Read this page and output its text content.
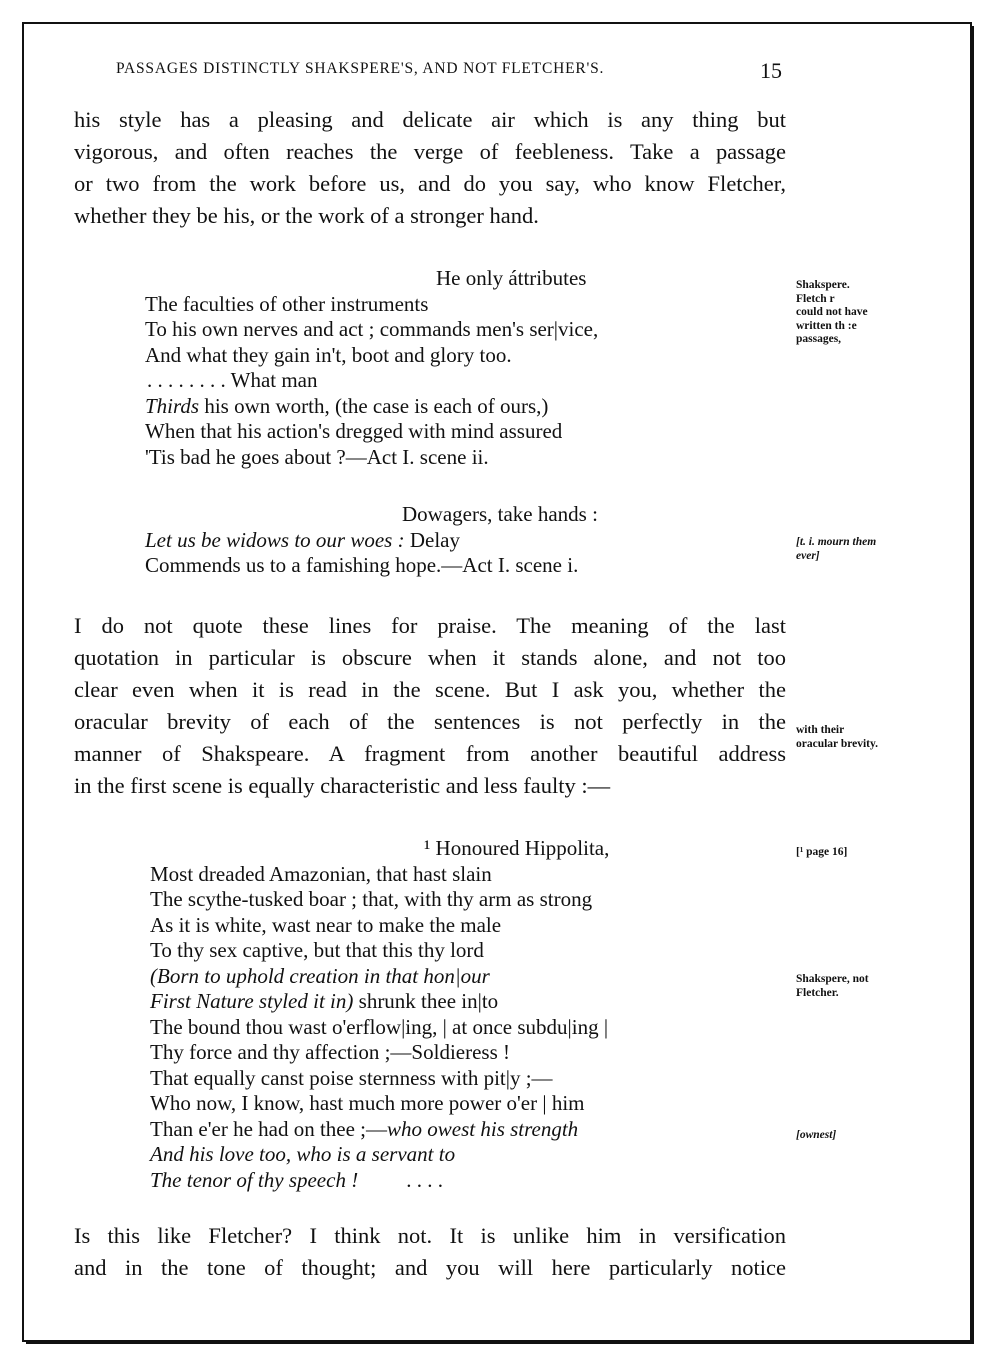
PASSAGES DISTINCTLY SHAKSPERE'S, AND NOT FLETCHER'S.	15
his style has a pleasing and delicate air which is any thing but
vigorous, and often reaches the verge of feebleness. Take a passage
or two from the work before us, and do you say, who know Fletcher,
whether they be his, or the work of a stronger hand.
He only áttributes
The faculties of other instruments
To his own nerves and act ; commands men's ser|vice,
And what they gain in't, boot and glory too.
. . . . . . . . What man
Thirds his own worth, (the case is each of ours,)
When that his action's dregged with mind assured
'Tis bad he goes about ?—Act I. scene ii.
Dowagers, take hands :
Let us be widows to our woes : Delay
Commends us to a famishing hope.—Act I. scene i.
I do not quote these lines for praise. The meaning of the last
quotation in particular is obscure when it stands alone, and not too
clear even when it is read in the scene. But I ask you, whether the
oracular brevity of each of the sentences is not perfectly in the
manner of Shakspeare. A fragment from another beautiful address
in the first scene is equally characteristic and less faulty :—
¹ Honoured Hippolita,
Most dreaded Amazonian, that hast slain
The scythe-tusked boar ; that, with thy arm as strong
As it is white, wast near to make the male
To thy sex captive, but that this thy lord
(Born to uphold creation in that hon|our
First Nature styled it in) shrunk thee in|to
The bound thou wast o'erflow|ing, | at once subdu|ing |
Thy force and thy affection ;—Soldieress !
That equally canst poise sternness with pit|y ;—
Who now, I know, hast much more power o'er | him
Than e'er he had on thee ;—who owest his strength
And his love too, who is a servant to
The tenor of thy speech ! . . . .
Is this like Fletcher? I think not. It is unlike him in versification
and in the tone of thought; and you will here particularly notice
Shakspere.
Fletch r
could not have
written th :e
passages,
[t. i. mourn them
ever]
with their
oracular brevity.
[¹ page 16]
Shakspere, not
Fletcher.
[ownest]
